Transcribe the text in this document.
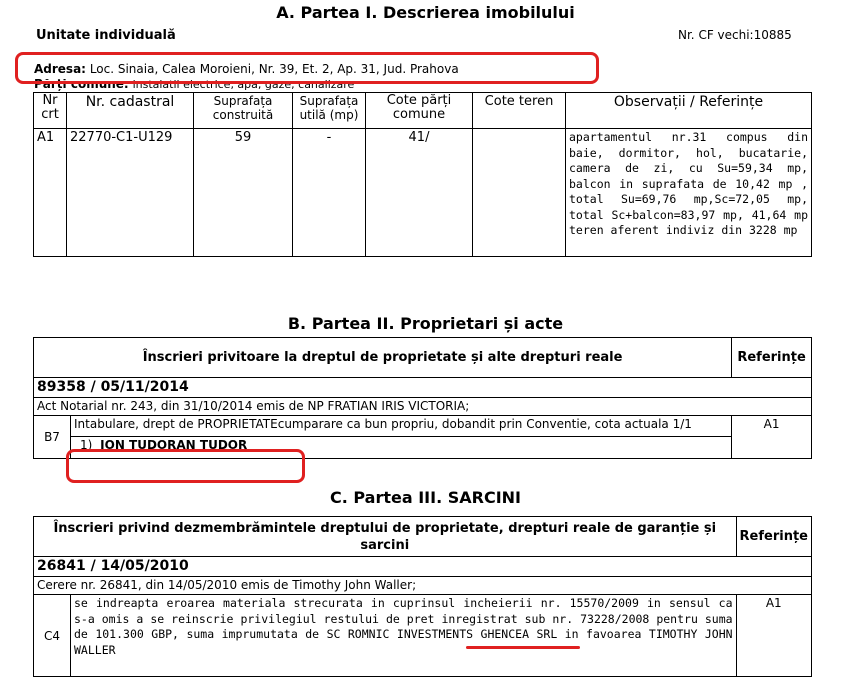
A. Partea I. Descrierea imobilului
Unitate individuală	Nr. CF vechi:10885
Adresa: Loc. Sinaia, Calea Moroieni, Nr. 39, Et. 2, Ap. 31, Jud. Prahova
Părți comune: instalatii electrice, apa, gaze, canalizare
Nr crt	Nr. cadastral	Suprafața construită	Suprafața utilă (mp)	Cote părți comune	Cote teren	Observații / Referințe
A1	22770-C1-U129	59	-	41/		apartamentul nr.31 compus din baie, dormitor, hol, bucatarie, camera de zi, cu Su=59,34 mp, balcon in suprafata de 10,42 mp , total Su=69,76 mp,Sc=72,05 mp, total Sc+balcon=83,97 mp, 41,64 mp teren aferent indiviz din 3228 mp
B. Partea II. Proprietari și acte
Înscrieri privitoare la dreptul de proprietate și alte drepturi reale		Referințe
89358 / 05/11/2014		
Act Notarial nr. 243, din 31/10/2014 emis de NP FRATIAN IRIS VICTORIA;		
B7	Intabulare, drept de PROPRIETATEcumparare ca bun propriu, dobandit prin Conventie, cota actuala 1/1	A1
	1) ION TUDORAN TUDOR	
C. Partea III. SARCINI
Înscrieri privind dezmembrămintele dreptului de proprietate, drepturi reale de garanție și sarcini		Referințe
26841 / 14/05/2010		
Cerere nr. 26841, din 14/05/2010 emis de Timothy John Waller;		
C4	se indreapta eroarea materiala strecurata in cuprinsul incheierii nr. 15570/2009 in sensul ca s-a omis a se reinscrie privilegiul restului de pret inregistrat sub nr. 73228/2008 pentru suma de 101.300 GBP, suma imprumutata de SC ROMNIC INVESTMENTS GHENCEA SRL in favoarea TIMOTHY JOHN WALLER	A1
